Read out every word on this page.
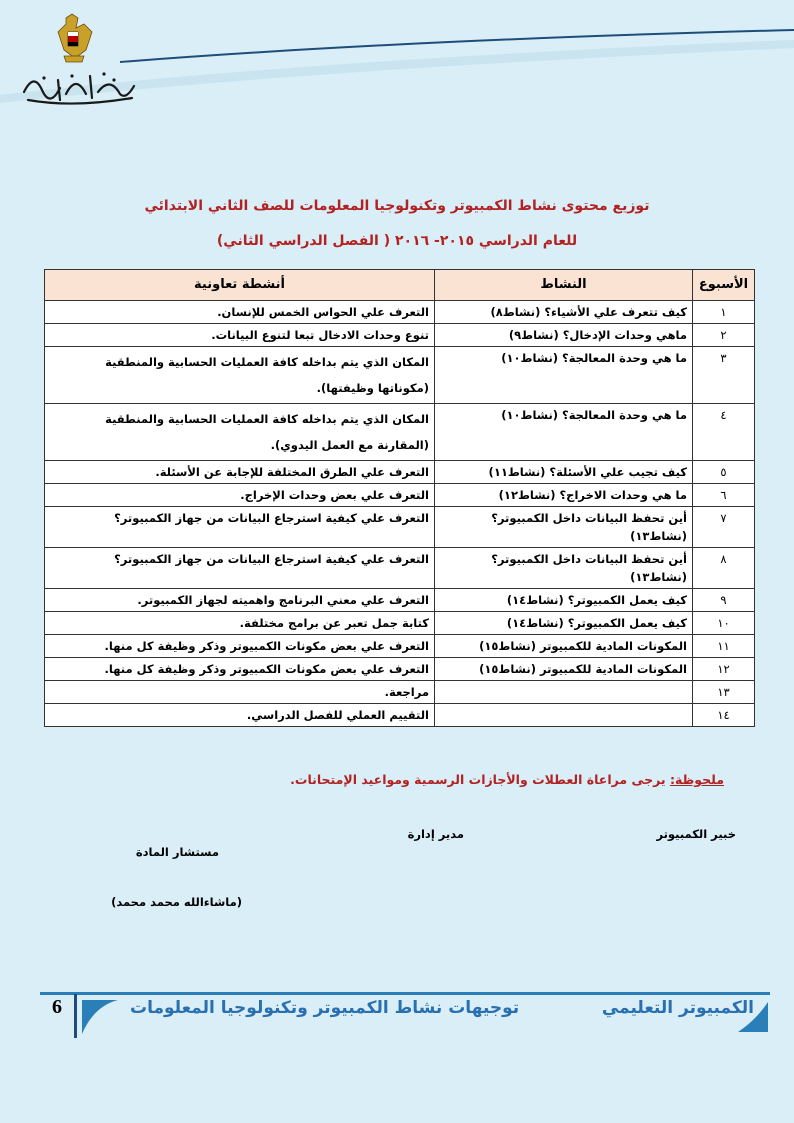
توزيع محتوى نشاط الكمبيوتر وتكنولوجيا المعلومات للصف الثاني الابتدائي
للعام الدراسي ٢٠١٥- ٢٠١٦ ( الفصل الدراسي الثاني)
الأسبوع	النشاط	أنشطة تعاونية
١	كيف تتعرف علي الأشياء؟ (نشاط٨)	التعرف علي الحواس الخمس للإنسان.
٢	ماهي وحدات الإدخال؟ (نشاط٩)	تنوع وحدات الادخال تبعا لتنوع البيانات.
٣	ما هي وحدة المعالجة؟ (نشاط١٠)	المكان الذي يتم بداخله كافة العمليات الحسابية والمنطقية (مكوناتها وظيفتها).
٤	ما هي وحدة المعالجة؟ (نشاط١٠)	المكان الذي يتم بداخله كافة العمليات الحسابية والمنطقية (المقارنة مع العمل اليدوي).
٥	كيف تجيب علي الأسئلة؟ (نشاط١١)	التعرف علي الطرق المختلفة للإجابة عن الأسئلة.
٦	ما هي وحدات الاخراج؟ (نشاط١٢)	التعرف علي بعض وحدات الإخراج.
٧	أين تحفظ البيانات داخل الكمبيوتر؟ (نشاط١٣)	التعرف علي كيفية استرجاع البيانات من جهاز الكمبيوتر؟
٨	أين تحفظ البيانات داخل الكمبيوتر؟ (نشاط١٣)	التعرف علي كيفية استرجاع البيانات من جهاز الكمبيوتر؟
٩	كيف يعمل الكمبيوتر؟ (نشاط١٤)	التعرف علي معني البرنامج واهميته لجهاز الكمبيوتر.
١٠	كيف يعمل الكمبيوتر؟ (نشاط١٤)	كتابة جمل تعبر عن برامج مختلفة.
١١	المكونات المادية للكمبيوتر (نشاط١٥)	التعرف علي بعض مكونات الكمبيوتر وذكر وظيفة كل منها.
١٢	المكونات المادية للكمبيوتر (نشاط١٥)	التعرف علي بعض مكونات الكمبيوتر وذكر وظيفة كل منها.
١٣		مراجعة.
١٤		التقييم العملي للفصل الدراسي.
ملحوظة: يرجى مراعاة العطلات والأجازات الرسمية ومواعيد الإمتحانات.
خبير الكمبيوتر
مدير إدارة
مستشار المادة
(ماشاءالله محمد محمد)
6	توجيهات نشاط الكمبيوتر وتكنولوجيا المعلومات	الكمبيوتر التعليمي
